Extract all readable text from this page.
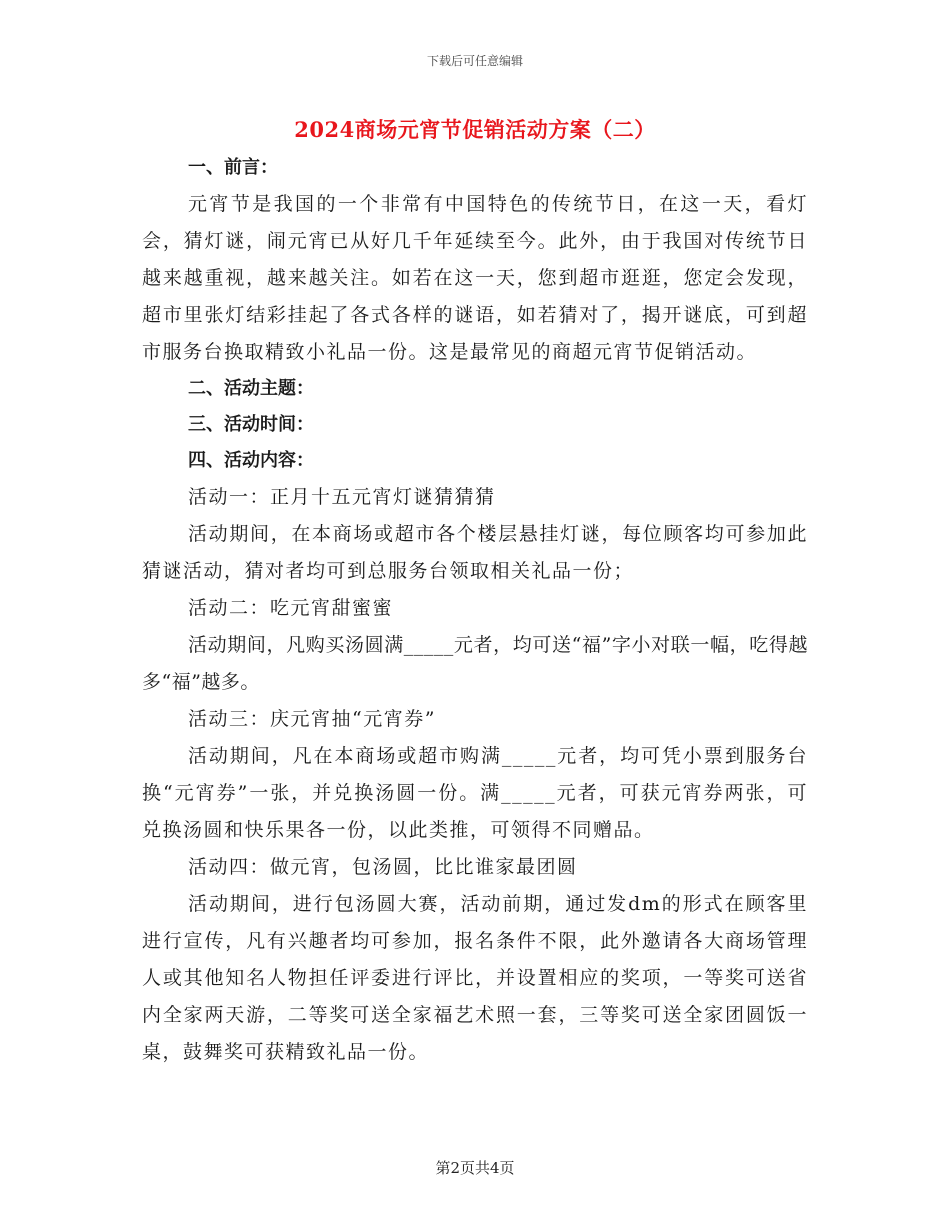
下载后可任意编辑
2024商场元宵节促销活动方案（二）

一、前言：

元宵节是我国的一个非常有中国特色的传统节日，在这一天，看灯会，猜灯谜，闹元宵已从好几千年延续至今。此外，由于我国对传统节日越来越重视，越来越关注。如若在这一天，您到超市逛逛，您定会发现，超市里张灯结彩挂起了各式各样的谜语，如若猜对了，揭开谜底，可到超市服务台换取精致小礼品一份。这是最常见的商超元宵节促销活动。

二、活动主题：

三、活动时间：

四、活动内容：

活动一：正月十五元宵灯谜猜猜猜

活动期间，在本商场或超市各个楼层悬挂灯谜，每位顾客均可参加此猜谜活动，猜对者均可到总服务台领取相关礼品一份；

活动二：吃元宵甜蜜蜜

活动期间，凡购买汤圆满_____元者，均可送“福”字小对联一幅，吃得越多“福”越多。

活动三：庆元宵抽“元宵券”

活动期间，凡在本商场或超市购满_____元者，均可凭小票到服务台换“元宵券”一张，并兑换汤圆一份。满_____元者，可获元宵券两张，可兑换汤圆和快乐果各一份，以此类推，可领得不同赠品。

活动四：做元宵，包汤圆，比比谁家最团圆

活动期间，进行包汤圆大赛，活动前期，通过发dm的形式在顾客里进行宣传，凡有兴趣者均可参加，报名条件不限，此外邀请各大商场管理人或其他知名人物担任评委进行评比，并设置相应的奖项，一等奖可送省内全家两天游，二等奖可送全家福艺术照一套，三等奖可送全家团圆饭一桌，鼓舞奖可获精致礼品一份。

第2页共4页
